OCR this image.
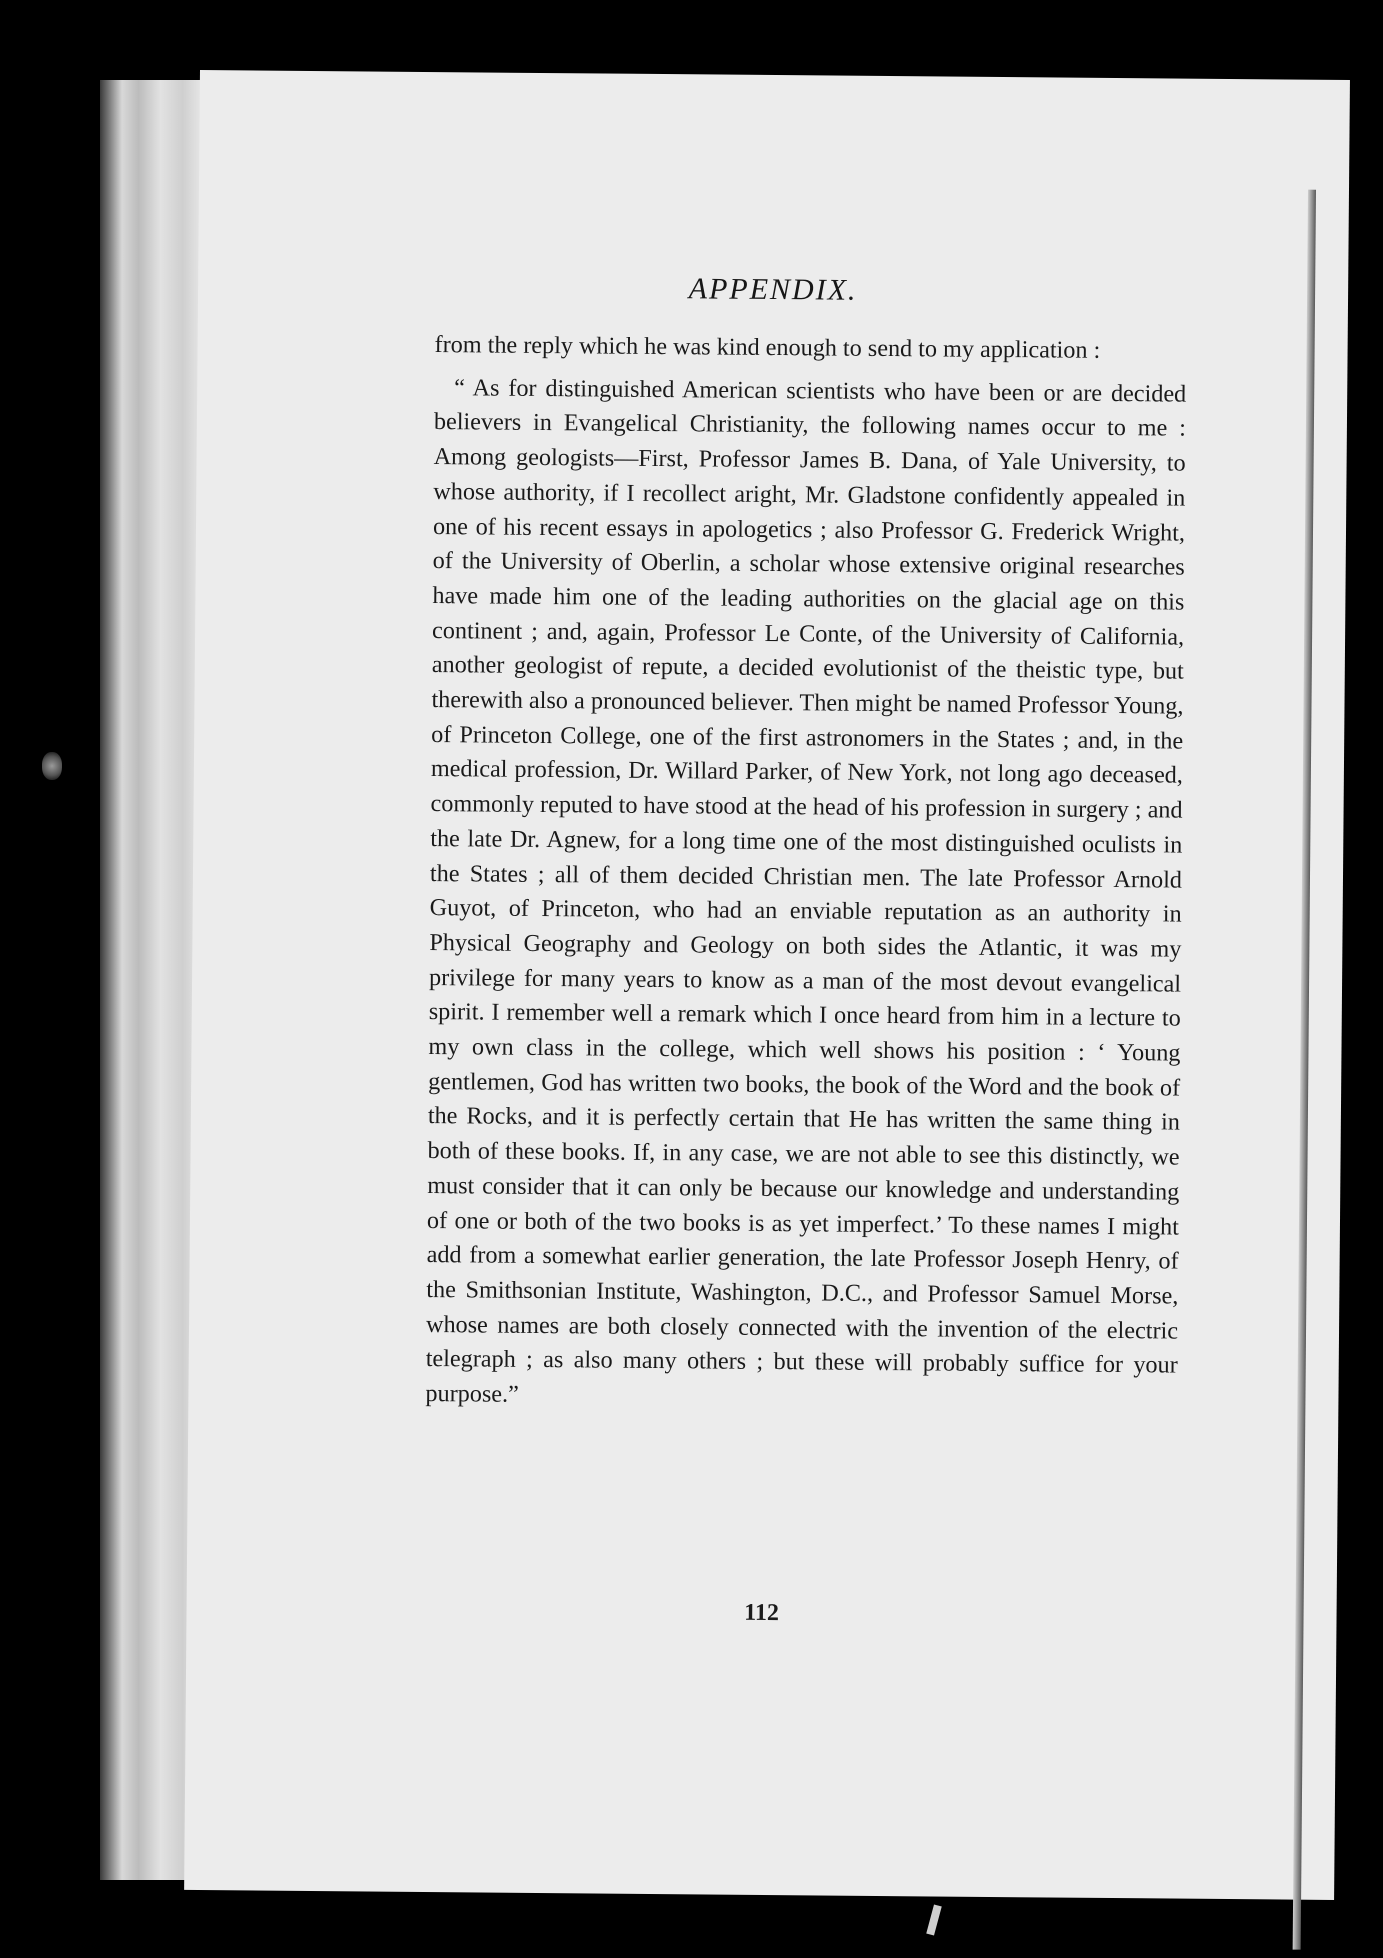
APPENDIX.

from the reply which he was kind enough to send to my application :

“ As for distinguished American scientists who have been or are decided believers in Evangelical Christianity, the following names occur to me : Among geologists—First, Professor James B. Dana, of Yale University, to whose authority, if I recollect aright, Mr. Gladstone confidently appealed in one of his recent essays in apologetics ; also Professor G. Frederick Wright, of the University of Oberlin, a scholar whose extensive original researches have made him one of the leading authorities on the glacial age on this continent ; and, again, Professor Le Conte, of the University of California, another geologist of repute, a decided evolutionist of the theistic type, but therewith also a pronounced believer. Then might be named Professor Young, of Princeton College, one of the first astronomers in the States ; and, in the medical profession, Dr. Willard Parker, of New York, not long ago deceased, commonly reputed to have stood at the head of his profession in surgery ; and the late Dr. Agnew, for a long time one of the most distinguished oculists in the States ; all of them decided Christian men. The late Professor Arnold Guyot, of Princeton, who had an enviable reputation as an authority in Physical Geography and Geology on both sides the Atlantic, it was my privilege for many years to know as a man of the most devout evangelical spirit. I remember well a remark which I once heard from him in a lecture to my own class in the college, which well shows his position : ‘ Young gentlemen, God has written two books, the book of the Word and the book of the Rocks, and it is perfectly certain that He has written the same thing in both of these books. If, in any case, we are not able to see this distinctly, we must consider that it can only be because our knowledge and understanding of one or both of the two books is as yet imperfect.’ To these names I might add from a somewhat earlier generation, the late Professor Joseph Henry, of the Smithsonian Institute, Washington, D.C., and Professor Samuel Morse, whose names are both closely connected with the invention of the electric telegraph ; as also many others ; but these will probably suffice for your purpose.”

112
